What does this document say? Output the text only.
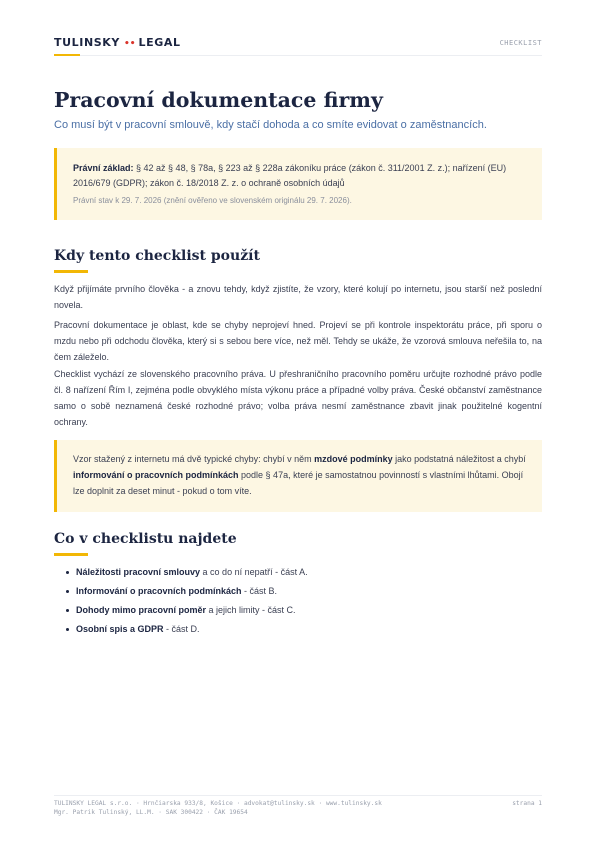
TULINSKY •• LEGAL	CHECKLIST
Pracovní dokumentace firmy
Co musí být v pracovní smlouvě, kdy stačí dohoda a co smíte evidovat o zaměstnancích.

Právní základ: § 42 až § 48, § 78a, § 223 až § 228a zákoníku práce (zákon č. 311/2001 Z. z.); nařízení (EU) 2016/679 (GDPR); zákon č. 18/2018 Z. z. o ochraně osobních údajů

Právní stav k 29. 7. 2026 (znění ověřeno ve slovenském originálu 29. 7. 2026).

Kdy tento checklist použít

Když přijímáte prvního člověka - a znovu tehdy, když zjistíte, že vzory, které kolují po internetu, jsou starší než poslední novela.

Pracovní dokumentace je oblast, kde se chyby neprojeví hned. Projeví se při kontrole inspektorátu práce, při sporu o mzdu nebo při odchodu člověka, který si s sebou bere více, než měl. Tehdy se ukáže, že vzorová smlouva neřešila to, na čem záleželo.

Checklist vychází ze slovenského pracovního práva. U přeshraničního pracovního poměru určujte rozhodné právo podle čl. 8 nařízení Řím I, zejména podle obvyklého místa výkonu práce a případné volby práva. České občanství zaměstnance samo o sobě neznamená české rozhodné právo; volba práva nesmí zaměstnance zbavit jinak použitelné kogentní ochrany.

Vzor stažený z internetu má dvě typické chyby: chybí v něm mzdové podmínky jako podstatná náležitost a chybí informování o pracovních podmínkách podle § 47a, které je samostatnou povinností s vlastními lhůtami. Obojí lze doplnit za deset minut - pokud o tom víte.

Co v checklistu najdete
Náležitosti pracovní smlouvy a co do ní nepatří - část A.
Informování o pracovních podmínkách - část B.
Dohody mimo pracovní poměr a jejich limity - část C.
Osobní spis a GDPR - část D.
TULINSKY LEGAL s.r.o. · Hrnčiarska 933/8, Košice · advokat@tulinsky.sk · www.tulinsky.sk
Mgr. Patrik Tulinský, LL.M. · SAK 300422 · ČAK 19654
strana 1
